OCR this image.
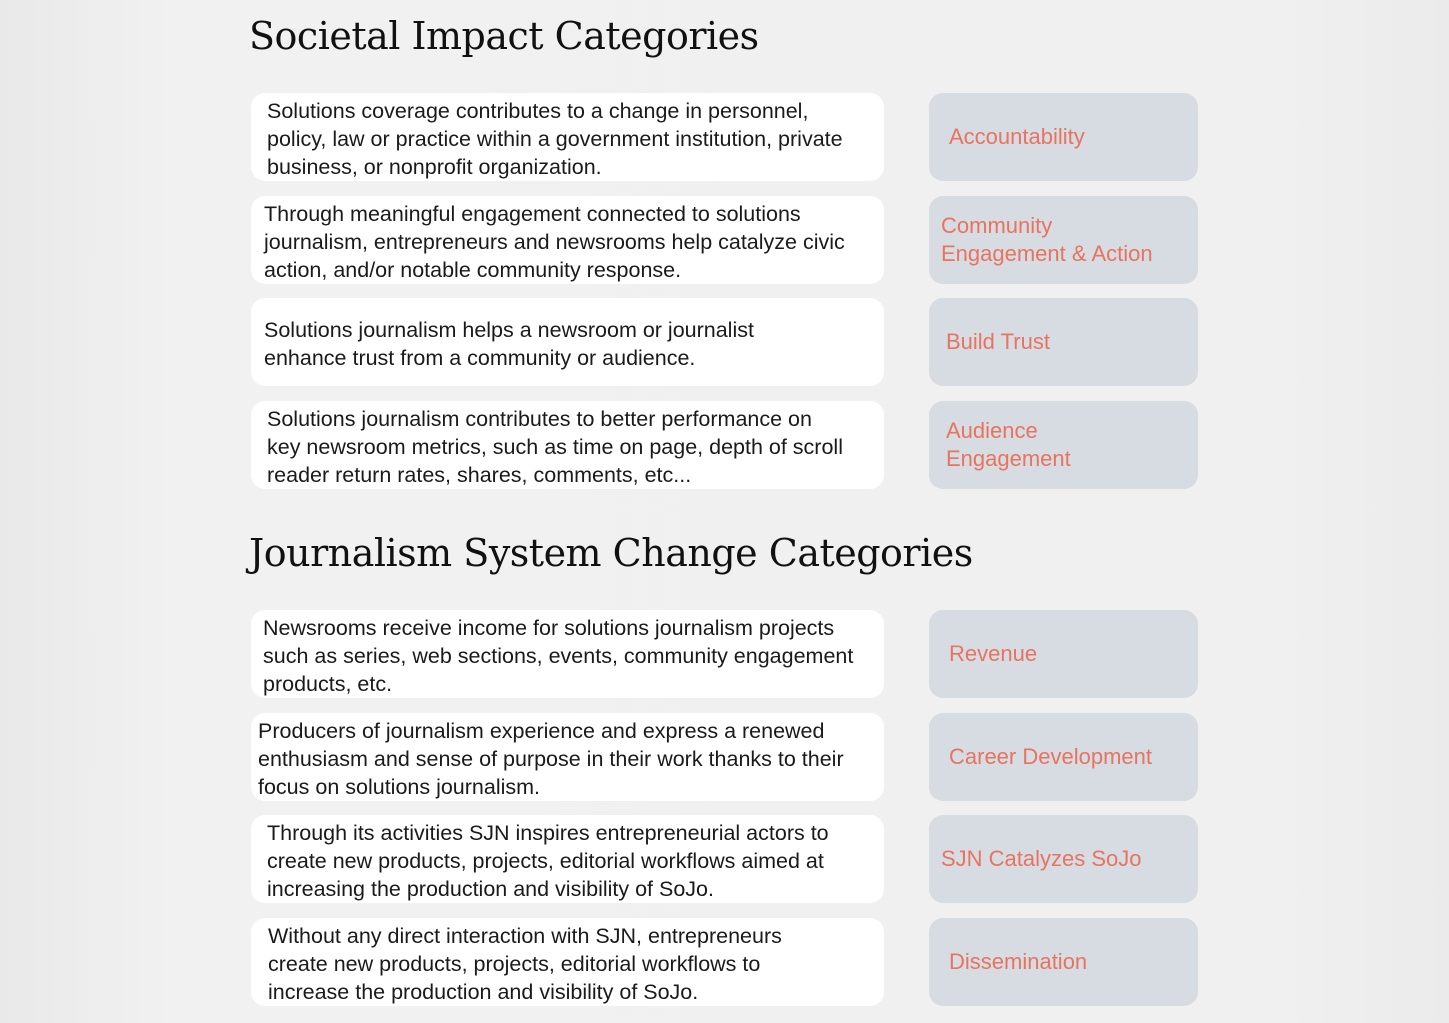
Societal Impact Categories
Solutions coverage contributes to a change in personnel, policy, law or practice within a government institution, private business, or nonprofit organization.
Accountability
Through meaningful engagement connected to solutions journalism, entrepreneurs and newsrooms help catalyze civic action, and/or notable community response.
Community Engagement & Action
Solutions journalism helps a newsroom or journalist enhance trust from a community or audience.
Build Trust
Solutions journalism contributes to better performance on key newsroom metrics, such as time on page, depth of scroll reader return rates, shares, comments, etc...
Audience Engagement
Journalism System Change Categories
Newsrooms receive income for solutions journalism projects such as series, web sections, events, community engagement products, etc.
Revenue
Producers of journalism experience and express a renewed enthusiasm and sense of purpose in their work thanks to their focus on solutions journalism.
Career Development
Through its activities SJN inspires entrepreneurial actors to create new products, projects, editorial workflows aimed at increasing the production and visibility of SoJo.
SJN Catalyzes SoJo
Without any direct interaction with SJN, entrepreneurs create new products, projects, editorial workflows to increase the production and visibility of SoJo.
Dissemination
